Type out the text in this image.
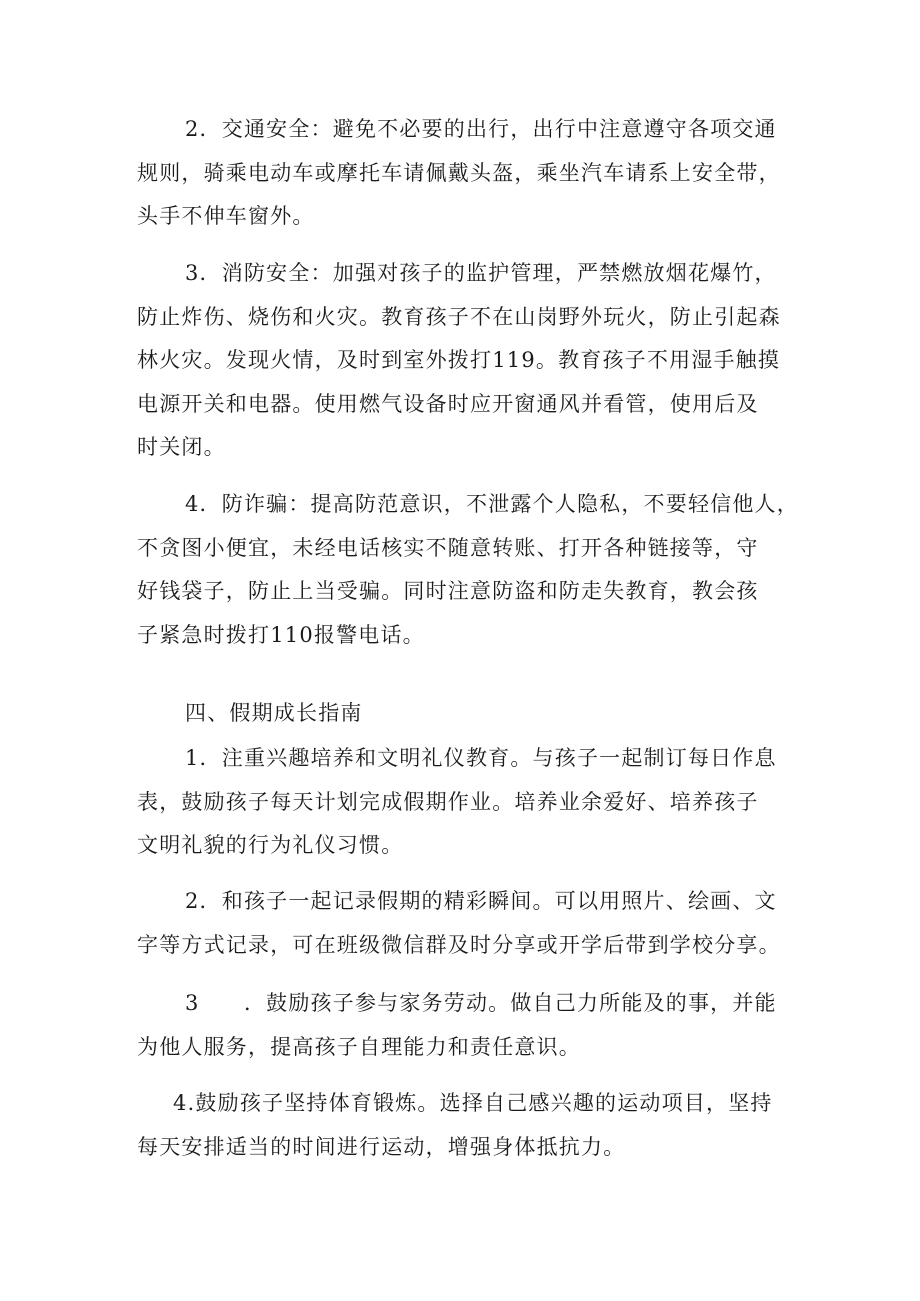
2．交通安全：避免不必要的出行，出行中注意遵守各项交通
规则，骑乘电动车或摩托车请佩戴头盔，乘坐汽车请系上安全带，
头手不伸车窗外。
3．消防安全：加强对孩子的监护管理，严禁燃放烟花爆竹，
防止炸伤、烧伤和火灾。教育孩子不在山岗野外玩火，防止引起森
林火灾。发现火情，及时到室外拨打119。教育孩子不用湿手触摸
电源开关和电器。使用燃气设备时应开窗通风并看管，使用后及
时关闭。
4．防诈骗：提高防范意识，不泄露个人隐私，不要轻信他人，
不贪图小便宜，未经电话核实不随意转账、打开各种链接等，守
好钱袋子，防止上当受骗。同时注意防盗和防走失教育，教会孩
子紧急时拨打110报警电话。
四、假期成长指南
1．注重兴趣培养和文明礼仪教育。与孩子一起制订每日作息
表，鼓励孩子每天计划完成假期作业。培养业余爱好、培养孩子
文明礼貌的行为礼仪习惯。
2．和孩子一起记录假期的精彩瞬间。可以用照片、绘画、文
字等方式记录，可在班级微信群及时分享或开学后带到学校分享。
3　　．鼓励孩子参与家务劳动。做自己力所能及的事，并能
为他人服务，提高孩子自理能力和责任意识。
4.鼓励孩子坚持体育锻炼。选择自己感兴趣的运动项目，坚持
每天安排适当的时间进行运动，增强身体抵抗力。
